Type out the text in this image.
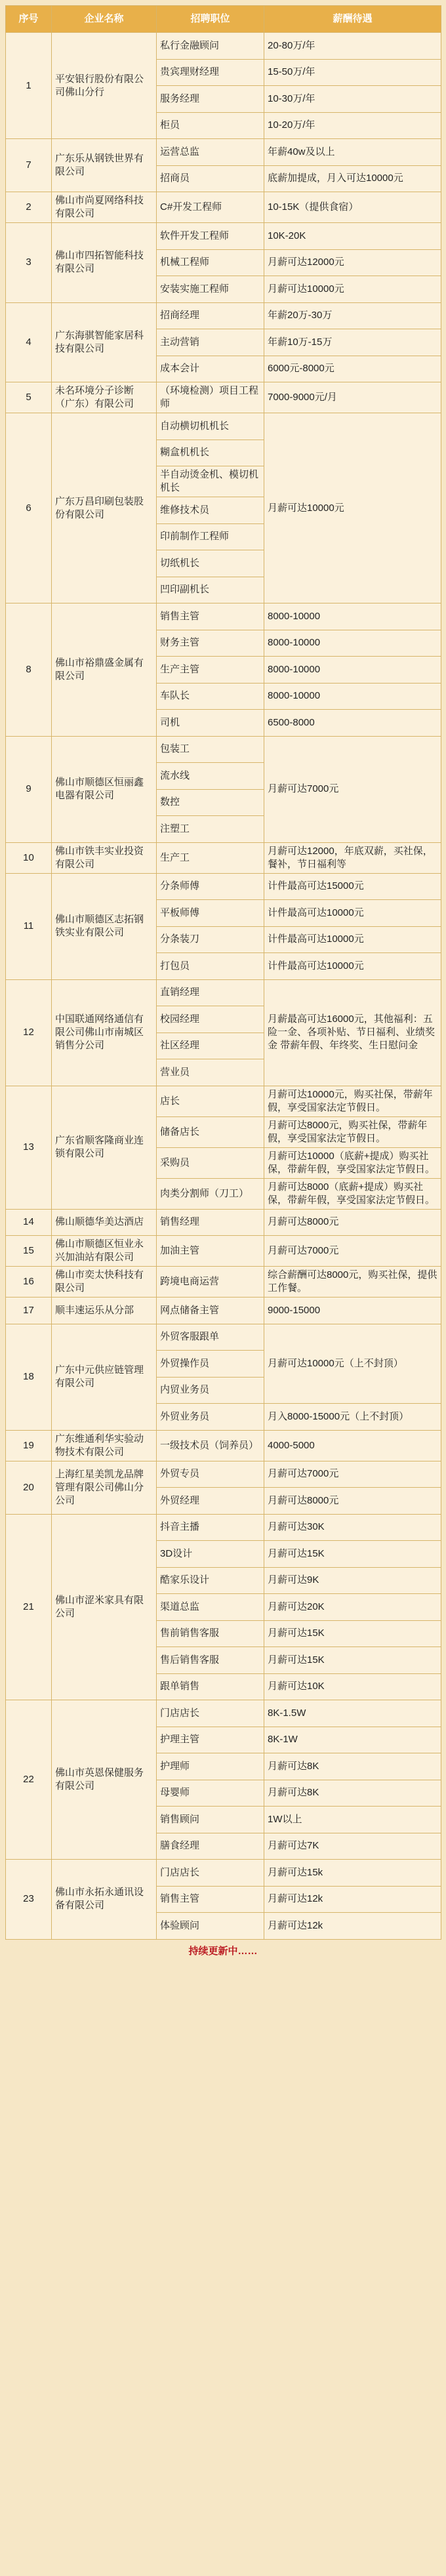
序号	企业名称	招聘职位	薪酬待遇
1	平安银行股份有限公司佛山分行	私行金融顾问	20-80万/年
		贵宾理财经理	15-50万/年
		服务经理	10-30万/年
		柜员	10-20万/年
7	广东乐从钢铁世界有限公司	运营总监	年薪40w及以上
		招商员	底薪加提成，月入可达10000元
2	佛山市尚夏网络科技有限公司	C#开发工程师	10-15K（提供食宿）
3	佛山市四拓智能科技有限公司	软件开发工程师	10K-20K
		机械工程师	月薪可达12000元
		安装实施工程师	月薪可达10000元
4	广东海骐智能家居科技有限公司	招商经理	年薪20万-30万
		主动营销	年薪10万-15万
		成本会计	6000元-8000元
5	未名环境分子诊断（广东）有限公司	（环境检测）项目工程师	7000-9000元/月
6	广东万昌印刷包装股份有限公司	自动横切机机长	月薪可达10000元
		糊盒机机长	
		半自动烫金机、模切机机长	
		维修技术员	
		印前制作工程师	
		切纸机长	
		凹印副机长	
8	佛山市裕鼎盛金属有限公司	销售主管	8000-10000
		财务主管	8000-10000
		生产主管	8000-10000
		车队长	8000-10000
		司机	6500-8000
9	佛山市顺德区恒丽鑫电器有限公司	包装工	月薪可达7000元
		流水线	
		数控	
		注塑工	
10	佛山市铁丰实业投资有限公司	生产工	月薪可达12000，年底双薪，买社保，餐补，节日福利等
11	佛山市顺德区志拓钢铁实业有限公司	分条师傅	计件最高可达15000元
		平板师傅	计件最高可达10000元
		分条装刀	计件最高可达10000元
		打包员	计件最高可达10000元
12	中国联通网络通信有限公司佛山市南城区销售分公司	直销经理	月薪最高可达16000元，其他福利：五险一金、各项补贴、节日福利、业绩奖金 带薪年假、年终奖、生日慰问金
		校园经理	
		社区经理	
		营业员	
13	广东省顺客隆商业连锁有限公司	店长	月薪可达10000元，购买社保，带薪年假，享受国家法定节假日。
		储备店长	月薪可达8000元，购买社保，带薪年假，享受国家法定节假日。
		采购员	月薪可达10000（底薪+提成）购买社保，带薪年假，享受国家法定节假日。
		肉类分割师（刀工）	月薪可达8000（底薪+提成）购买社保，带薪年假，享受国家法定节假日。
14	佛山顺德华美达酒店	销售经理	月薪可达8000元
15	佛山市顺德区恒业永兴加油站有限公司	加油主管	月薪可达7000元
16	佛山市奕太快科技有限公司	跨境电商运营	综合薪酬可达8000元，购买社保，提供工作餐。
17	顺丰速运乐从分部	网点储备主管	9000-15000
18	广东中元供应链管理有限公司	外贸客服跟单	月薪可达10000元（上不封顶）
		外贸操作员	
		内贸业务员	
		外贸业务员	月入8000-15000元（上不封顶）
19	广东维通利华实验动物技术有限公司	一级技术员（饲养员）	4000-5000
20	上海红星美凯龙品牌管理有限公司佛山分公司	外贸专员	月薪可达7000元
		外贸经理	月薪可达8000元
21	佛山市涩米家具有限公司	抖音主播	月薪可达30K
		3D设计	月薪可达15K
		酷家乐设计	月薪可达9K
		渠道总监	月薪可达20K
		售前销售客服	月薪可达15K
		售后销售客服	月薪可达15K
		跟单销售	月薪可达10K
22	佛山市英恩保健服务有限公司	门店店长	8K-1.5W
		护理主管	8K-1W
		护理师	月薪可达8K
		母婴师	月薪可达8K
		销售顾问	1W以上
		膳食经理	月薪可达7K
23	佛山市永拓永通讯设备有限公司	门店店长	月薪可达15k
		销售主管	月薪可达12k
		体验顾问	月薪可达12k
持续更新中……
